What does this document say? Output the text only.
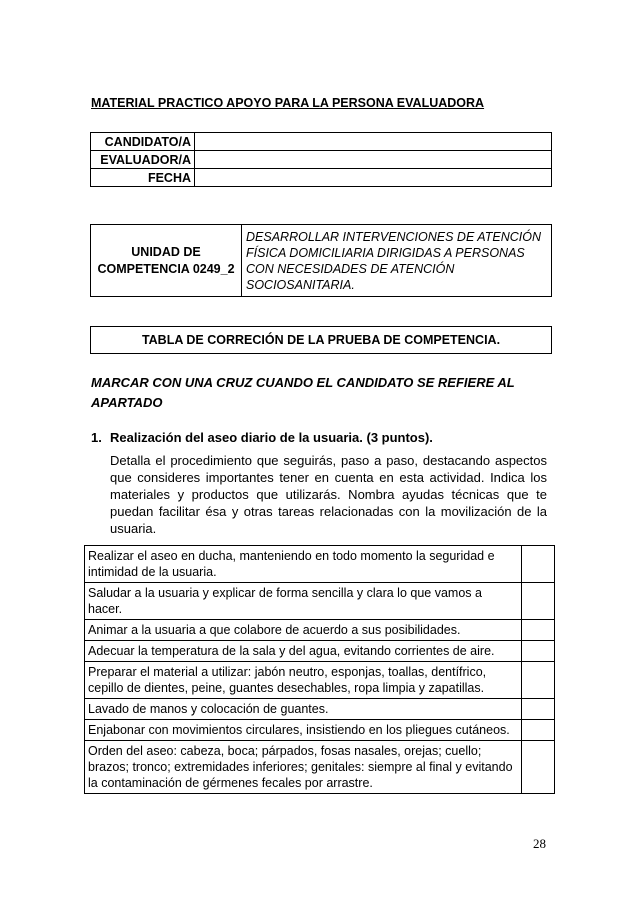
MATERIAL PRACTICO APOYO PARA LA PERSONA EVALUADORA
CANDIDATO/A	
EVALUADOR/A	
FECHA	
UNIDAD DE
COMPETENCIA 0249_2	DESARROLLAR INTERVENCIONES DE ATENCIÓN FÍSICA DOMICILIARIA DIRIGIDAS A PERSONAS CON NECESIDADES DE ATENCIÓN SOCIOSANITARIA.
TABLA DE CORRECIÓN DE LA PRUEBA DE COMPETENCIA.
MARCAR CON UNA CRUZ CUANDO EL CANDIDATO SE REFIERE AL APARTADO
1. Realización del aseo diario de la usuaria. (3 puntos).
Detalla el procedimiento que seguirás, paso a paso, destacando aspectos que consideres importantes tener en cuenta en esta actividad. Indica los materiales y productos que utilizarás. Nombra ayudas técnicas que te puedan facilitar ésa y otras tareas relacionadas con la movilización de la usuaria.
Realizar el aseo en ducha, manteniendo en todo momento la seguridad e intimidad de la usuaria.	
Saludar a la usuaria y explicar de forma sencilla y clara lo que vamos a hacer.	
Animar a la usuaria a que colabore de acuerdo a sus posibilidades.	
Adecuar la temperatura de la sala y del agua, evitando corrientes de aire.	
Preparar el material a utilizar: jabón neutro, esponjas, toallas, dentífrico, cepillo de dientes, peine, guantes desechables, ropa limpia y zapatillas.	
Lavado de manos y colocación de guantes.	
Enjabonar con movimientos circulares, insistiendo en los pliegues cutáneos.	
Orden del aseo: cabeza, boca; párpados, fosas nasales, orejas; cuello; brazos; tronco; extremidades inferiores; genitales: siempre al final y evitando la contaminación de gérmenes fecales por arrastre.	
28
